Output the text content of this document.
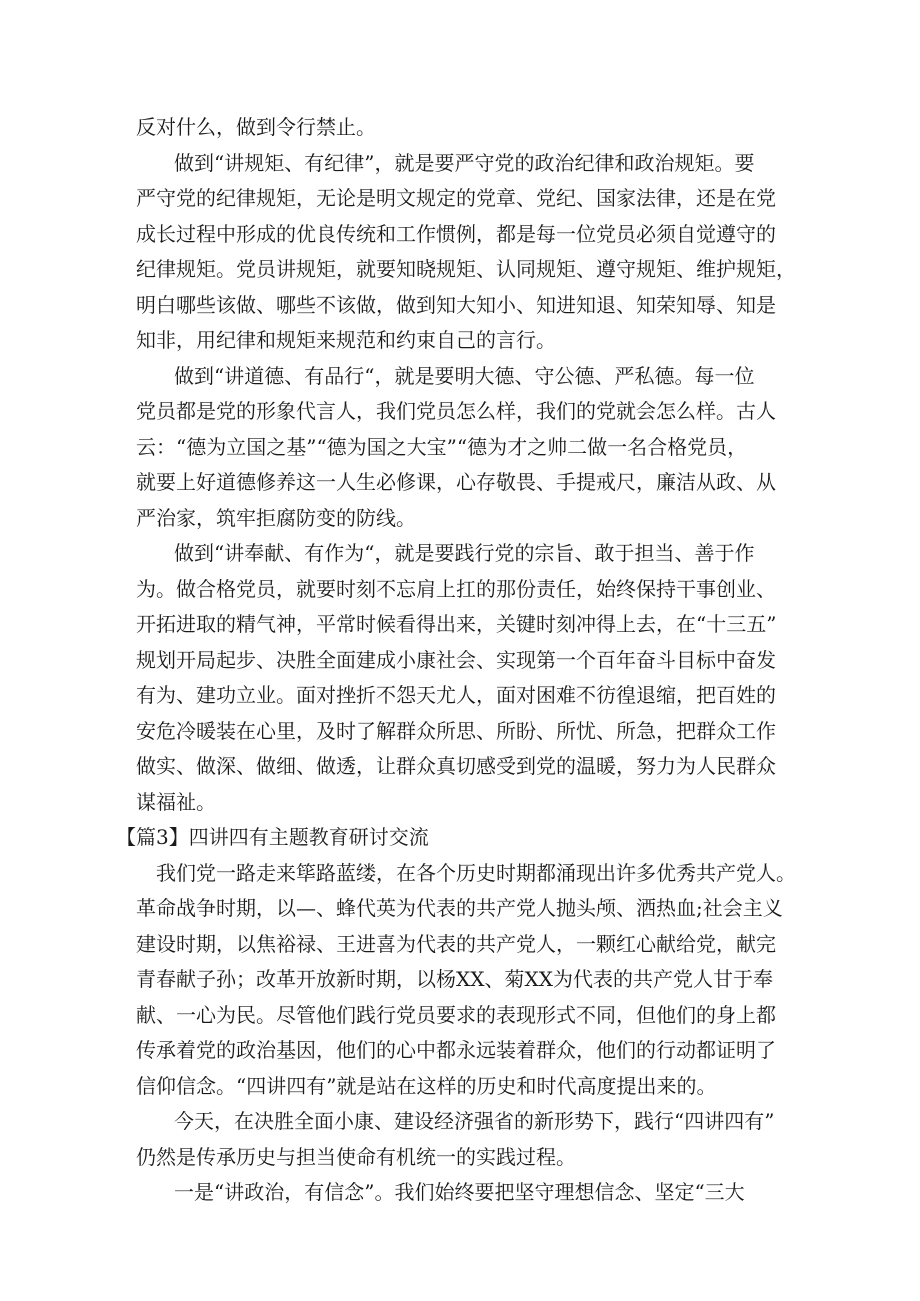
反对什么，做到令行禁止。
做到“讲规矩、有纪律”，就是要严守党的政治纪律和政治规矩。要
严守党的纪律规矩，无论是明文规定的党章、党纪、国家法律，还是在党
成长过程中形成的优良传统和工作惯例，都是每一位党员必须自觉遵守的
纪律规矩。党员讲规矩，就要知晓规矩、认同规矩、遵守规矩、维护规矩，
明白哪些该做、哪些不该做，做到知大知小、知进知退、知荣知辱、知是
知非，用纪律和规矩来规范和约束自己的言行。
做到“讲道德、有品行“，就是要明大德、守公德、严私德。每一位
党员都是党的形象代言人，我们党员怎么样，我们的党就会怎么样。古人
云：“德为立国之基”“德为国之大宝”“德为才之帅二做一名合格党员，
就要上好道德修养这一人生必修课，心存敬畏、手提戒尺，廉洁从政、从
严治家，筑牢拒腐防变的防线。
做到“讲奉献、有作为“，就是要践行党的宗旨、敢于担当、善于作
为。做合格党员，就要时刻不忘肩上扛的那份责任，始终保持干事创业、
开拓进取的精气神，平常时候看得出来，关键时刻冲得上去，在“十三五”
规划开局起步、决胜全面建成小康社会、实现第一个百年奋斗目标中奋发
有为、建功立业。面对挫折不怨天尤人，面对困难不彷徨退缩，把百姓的
安危冷暖装在心里，及时了解群众所思、所盼、所忧、所急，把群众工作
做实、做深、做细、做透，让群众真切感受到党的温暖，努力为人民群众
谋福祉。
【篇3】四讲四有主题教育研讨交流
我们党一路走来筚路蓝缕，在各个历史时期都涌现出许多优秀共产党人。
革命战争时期，以—、蜂代英为代表的共产党人抛头颅、洒热血;社会主义
建设时期，以焦裕禄、王进喜为代表的共产党人，一颗红心献给党，献完
青春献子孙；改革开放新时期，以杨XX、菊XX为代表的共产党人甘于奉
献、一心为民。尽管他们践行党员要求的表现形式不同，但他们的身上都
传承着党的政治基因，他们的心中都永远装着群众，他们的行动都证明了
信仰信念。“四讲四有”就是站在这样的历史和时代高度提出来的。
今天，在决胜全面小康、建设经济强省的新形势下，践行“四讲四有”
仍然是传承历史与担当使命有机统一的实践过程。
一是“讲政治，有信念”。我们始终要把坚守理想信念、坚定“三大
